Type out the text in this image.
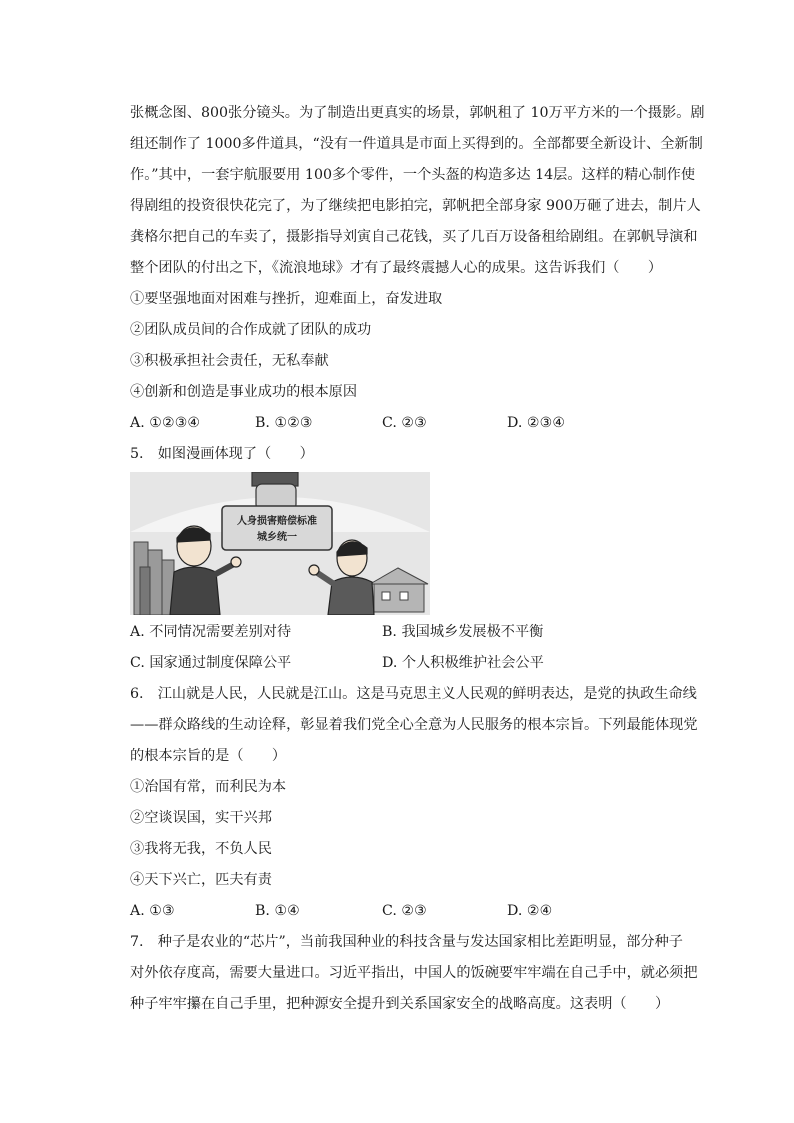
张概念图、800张分镜头。为了制造出更真实的场景，郭帆租了 10万平方米的一个摄影。剧
组还制作了 1000多件道具，“没有一件道具是市面上买得到的。全部都要全新设计、全新制
作。”其中，一套宇航服要用 100多个零件，一个头盔的构造多达 14层。这样的精心制作使
得剧组的投资很快花完了，为了继续把电影拍完，郭帆把全部身家 900万砸了进去，制片人
龚格尔把自己的车卖了，摄影指导刘寅自己花钱，买了几百万设备租给剧组。在郭帆导演和
整个团队的付出之下，《流浪地球》才有了最终震撼人心的成果。这告诉我们（　　）
①要坚强地面对困难与挫折，迎难面上，奋发进取
②团队成员间的合作成就了团队的成功
③积极承担社会责任，无私奉献
④创新和创造是事业成功的根本原因
A. ①②③④	B. ①②③	C. ②③	D. ②③④
5.　如图漫画体现了（　　）
人身损害赔偿标准
城乡统一
A. 不同情况需要差别对待	B. 我国城乡发展极不平衡
C. 国家通过制度保障公平	D. 个人积极维护社会公平
6.　江山就是人民，人民就是江山。这是马克思主义人民观的鲜明表达，是党的执政生命线
——群众路线的生动诠释，彰显着我们党全心全意为人民服务的根本宗旨。下列最能体现党
的根本宗旨的是（　　）
①治国有常，而利民为本
②空谈误国，实干兴邦
③我将无我，不负人民
④天下兴亡，匹夫有责
A. ①③	B. ①④	C. ②③	D. ②④
7.　种子是农业的“芯片”，当前我国种业的科技含量与发达国家相比差距明显，部分种子
对外依存度高，需要大量进口。习近平指出，中国人的饭碗要牢牢端在自己手中，就必须把
种子牢牢攥在自己手里，把种源安全提升到关系国家安全的战略高度。这表明（　　）
